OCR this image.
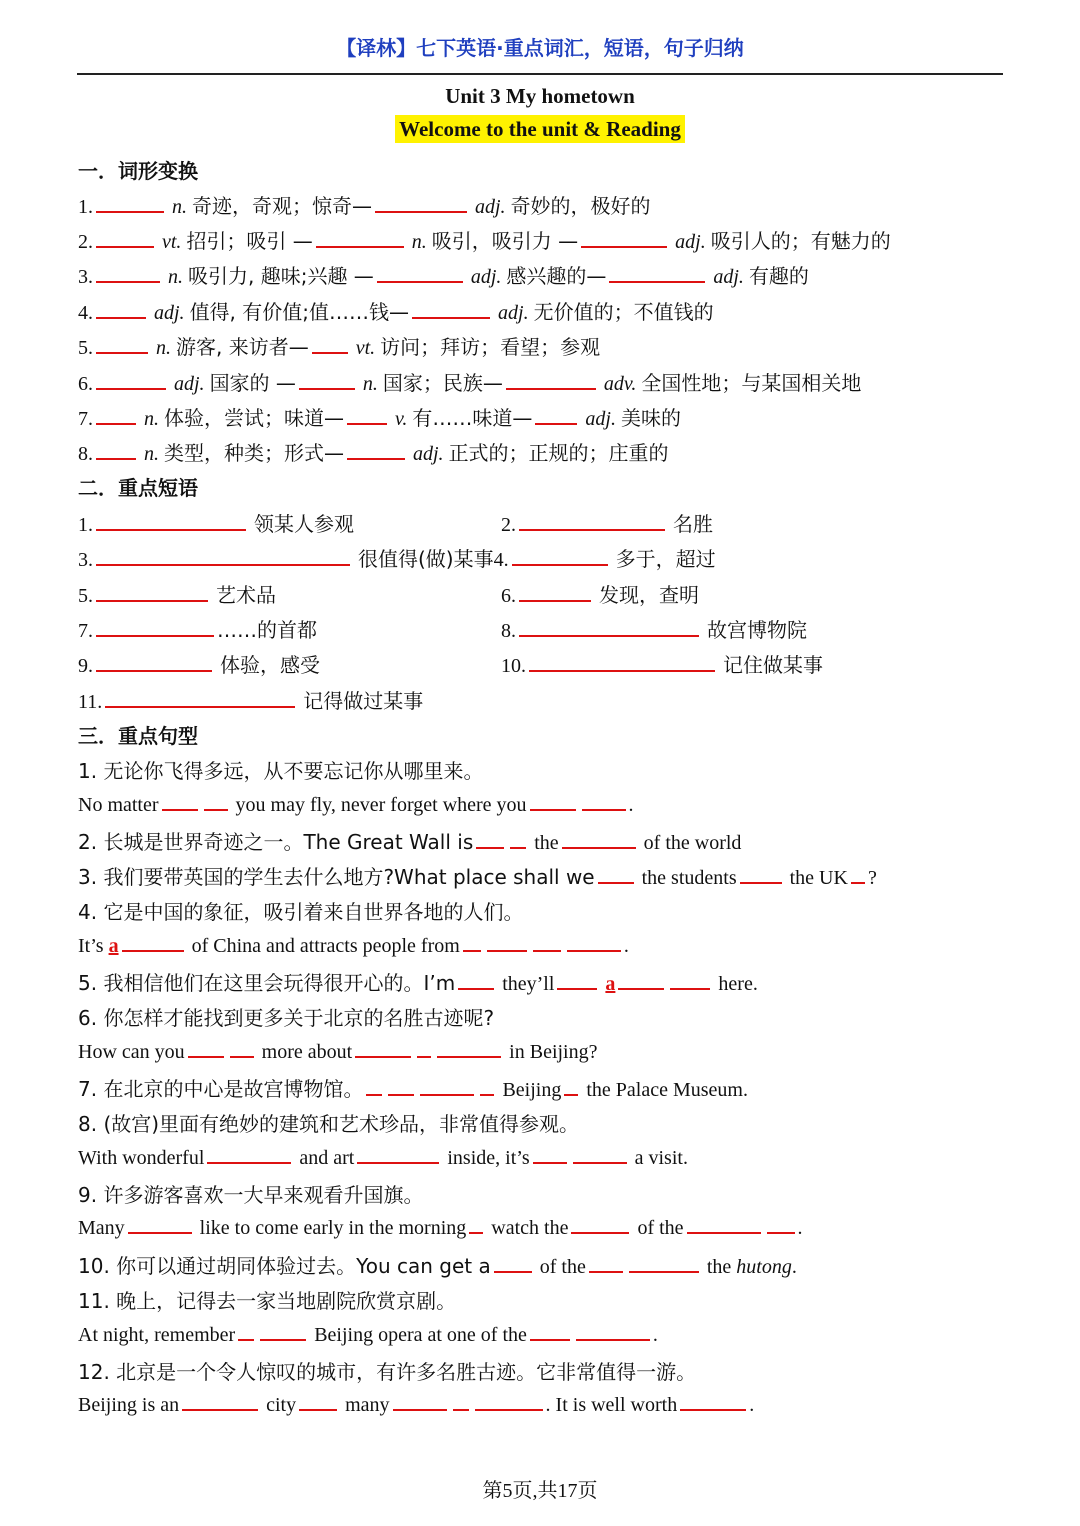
【译林】七下英语·重点词汇，短语，句子归纳
Unit 3 My hometown
Welcome to the unit & Reading
一．词形变换
1.	n. 奇迹，奇观；惊奇—	adj. 奇妙的，极好的
2.	vt. 招引；吸引 —	n. 吸引，吸引力 —	adj. 吸引人的；有魅力的
3.	n. 吸引力, 趣味;兴趣 —	adj. 感兴趣的—	adj. 有趣的
4.	adj. 值得, 有价值;值……钱—	adj. 无价值的；不值钱的
5.	n. 游客, 来访者— vt. 访问；拜访；看望；参观
6.	adj. 国家的 —	n. 国家；民族—	adv. 全国性地；与某国相关地
7.	n. 体验，尝试；味道—	v. 有……味道—	adj. 美味的
8.	n. 类型，种类；形式—	adj. 正式的；正规的；庄重的
二．重点短语
1.	领某人参观	2.	名胜
3.	很值得(做)某事4.	多于，超过
5.	艺术品	6.	发现，查明
7.	……的首都	8.	故宫博物院
9.	体验，感受	10.	记住做某事
11.	记得做过某事
三．重点句型
1. 无论你飞得多远，从不要忘记你从哪里来。
No matter	you may fly, never forget where you	.
2. 长城是世界奇迹之一。The Great Wall is	the	of the world
3. 我们要带英国的学生去什么地方?What place shall we the students	the UK ?
4. 它是中国的象征，吸引着来自世界各地的人们。
It’s a	of China and attracts people from	.
5. 我相信他们在这里会玩得很开心的。I’m they’ll	a	here.
6. 你怎样才能找到更多关于北京的名胜古迹呢?
How can you	more about	in Beijing?
7. 在北京的中心是故宫博物馆。	Beijing the Palace Museum.
8. (故宫)里面有绝妙的建筑和艺术珍品，非常值得参观。
With wonderful	and art	inside, it’s	a visit.
9. 许多游客喜欢一大早来观看升国旗。
Many	like to come early in the morning watch the	of the	.
10. 你可以通过胡同体验过去。You can get a of the	the hutong.
11. 晚上，记得去一家当地剧院欣赏京剧。
At night, remember	Beijing opera at one of the	.
12. 北京是一个令人惊叹的城市，有许多名胜古迹。它非常值得一游。
Beijing is an	city many	. It is well worth	.
第5页,共17页
